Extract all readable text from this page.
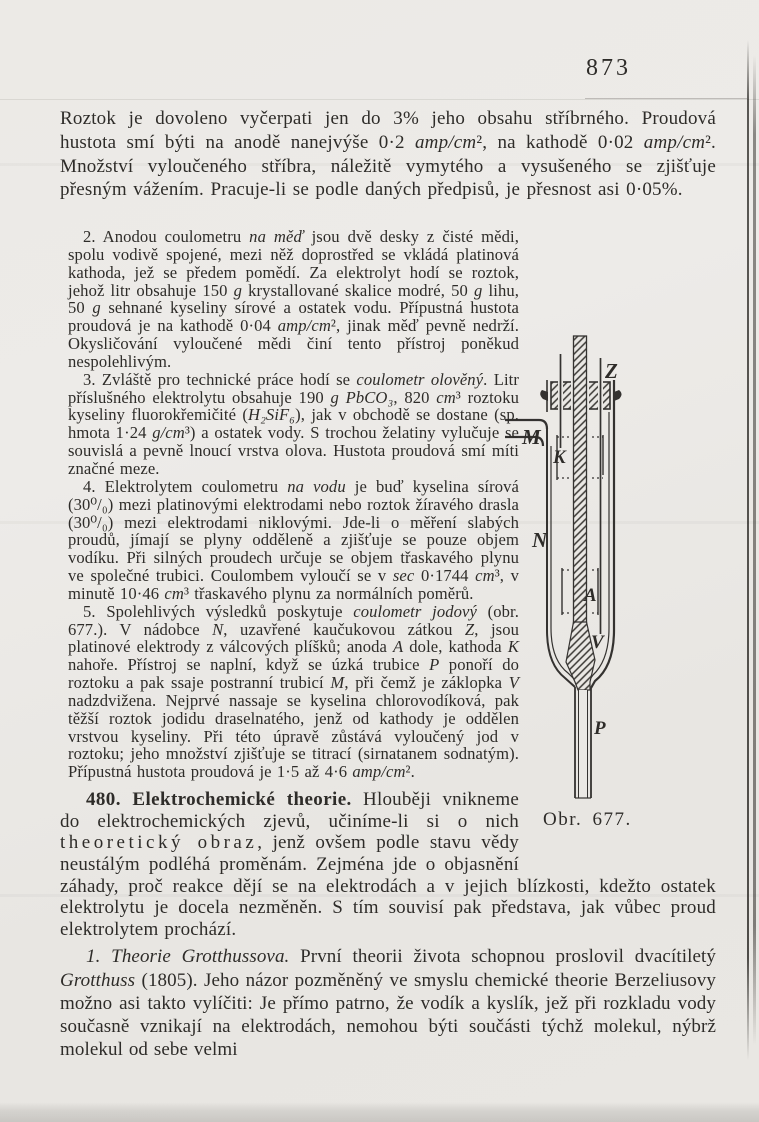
873
Roztok je dovoleno vyčerpati jen do 3% jeho obsahu stříbrného. Proudová hustota smí býti na anodě nanejvýše 0·2 amp/cm², na kathodě 0·02 amp/cm². Množství vyloučeného stříbra, náležitě vymytého a vysušeného se zjišťuje přesným vážením. Pracuje-li se podle daných předpisů, je přesnost asi 0·05%.
Z
M
K
N
A
V
P
Obr. 677.
2. Anodou coulometru na měď jsou dvě desky z čisté mědi, spolu vodivě spojené, mezi něž doprostřed se vkládá platinová kathoda, jež se předem pomědí. Za elektrolyt hodí se roztok, jehož litr obsahuje 150 g krystallované skalice modré, 50 g lihu, 50 g sehnané kyseliny sírové a ostatek vodu. Přípustná hustota proudová je na kathodě 0·04 amp/cm², jinak měď pevně nedrží. Okysličování vyloučené mědi činí tento přístroj poněkud nespolehlivým.
3. Zvláště pro technické práce hodí se coulometr olověný. Litr příslušného elektrolytu obsahuje 190 g PbCO₃, 820 cm³ roztoku kyseliny fluorokřemičité (H₂SiF₆), jak v obchodě se dostane (sp. hmota 1·24 g/cm³) a ostatek vody. S trochou želatiny vylučuje se souvislá a pevně lnoucí vrstva olova. Hustota proudová smí míti značné meze.
4. Elektrolytem coulometru na vodu je buď kyselina sírová (30⁰/₀) mezi platinovými elektrodami nebo roztok žíravého drasla (30⁰/₀) mezi elektrodami niklovými. Jde-li o měření slabých proudů, jímají se plyny odděleně a zjišťuje se pouze objem vodíku. Při silných proudech určuje se objem třaskavého plynu ve společné trubici. Coulombem vyloučí se v sec 0·1744 cm³, v minutě 10·46 cm³ třaskavého plynu za normálních poměrů.
5. Spolehlivých výsledků poskytuje coulometr jodový (obr. 677.). V nádobce N, uzavřené kaučukovou zátkou Z, jsou platinové elektrody z válcových plíšků; anoda A dole, kathoda K nahoře. Přístroj se naplní, když se úzká trubice P ponoří do roztoku a pak ssaje postranní trubicí M, při čemž je záklopka V nadzdvižena. Nejprvé nassaje se kyselina chlorovodíková, pak těžší roztok jodidu draselnatého, jenž od kathody je oddělen vrstvou kyseliny. Při této úpravě zůstává vyloučený jod v roztoku; jeho množství zjišťuje se titrací (sirnatanem sodnatým). Přípustná hustota proudová je 1·5 až 4·6 amp/cm².
480. Elektrochemické theorie. Hlouběji vnikneme do elektrochemických zjevů, učiníme-li si o nich theoretický obraz, jenž ovšem podle stavu vědy neustálým podléhá proměnám. Zejména jde o objasnění záhady, proč reakce dějí se na elektrodách a v jejich blízkosti, kdežto ostatek elektrolytu je docela nezměněn. S tím souvisí pak představa, jak vůbec proud elektrolytem prochází.
1. Theorie Grotthussova. První theorii života schopnou proslovil dvacítiletý Grotthuss (1805). Jeho názor pozměněný ve smyslu chemické theorie Berzeliusovy možno asi takto vylíčiti: Je přímo patrno, že vodík a kyslík, jež při rozkladu vody současně vznikají na elektrodách, nemohou býti součásti týchž molekul, nýbrž molekul od sebe velmi
